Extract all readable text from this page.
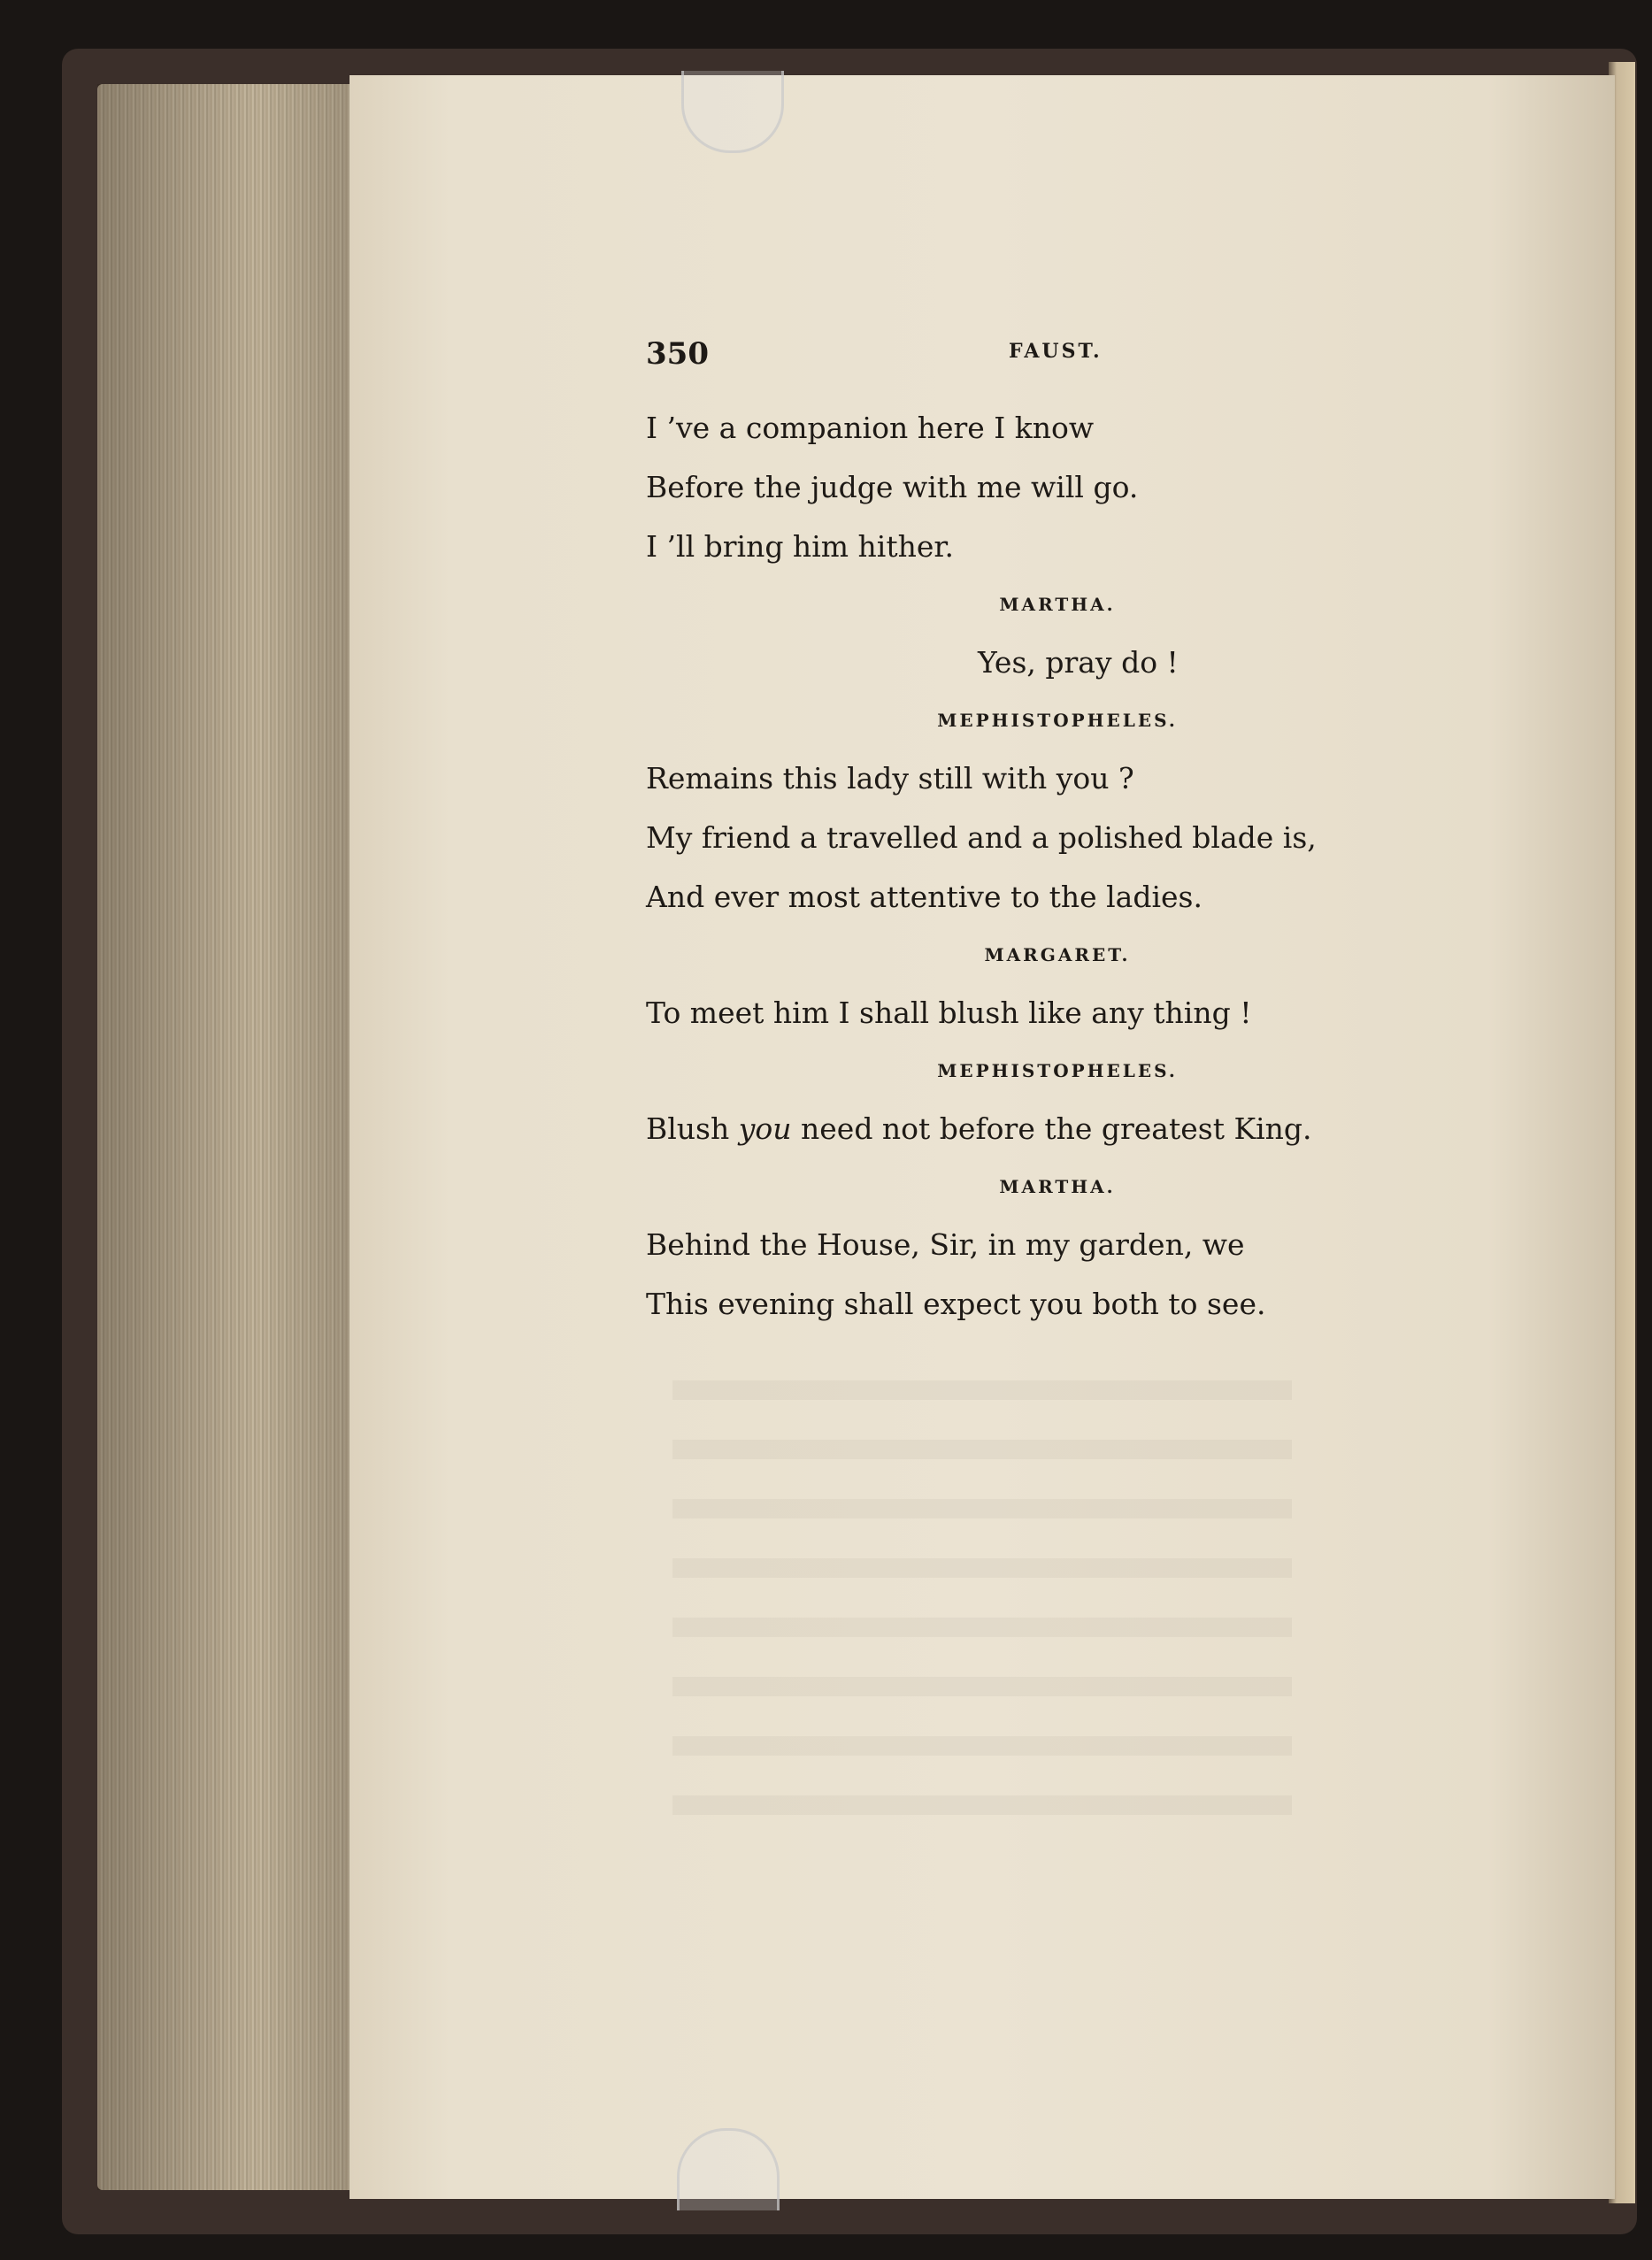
350	FAUST.
I ’ve a companion here I know
Before the judge with me will go.
I ’ll bring him hither.
MARTHA.
Yes, pray do !
MEPHISTOPHELES.
Remains this lady still with you ?
My friend a travelled and a polished blade is,
And ever most attentive to the ladies.
MARGARET.
To meet him I shall blush like any thing !
MEPHISTOPHELES.
Blush you need not before the greatest King.
MARTHA.
Behind the House, Sir, in my garden, we
This evening shall expect you both to see.
